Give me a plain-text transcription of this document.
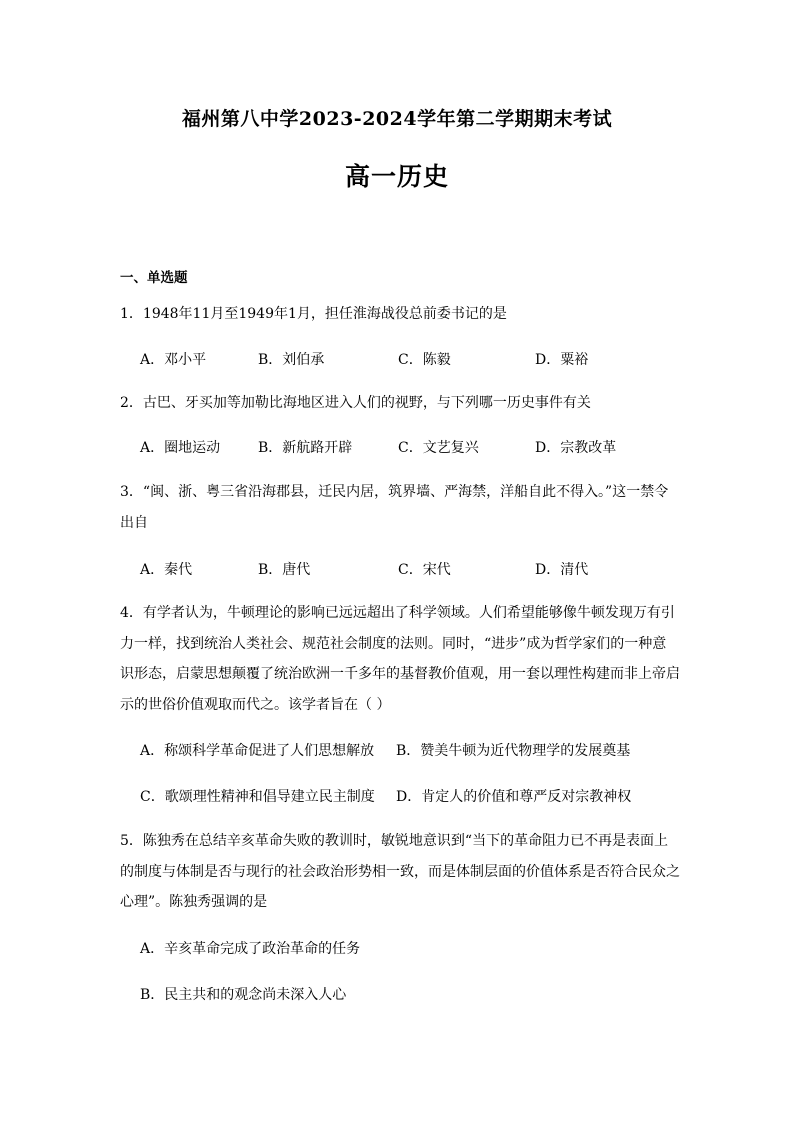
福州第八中学2023-2024学年第二学期期末考试
高一历史
一、单选题
1．1948年11月至1949年1月，担任淮海战役总前委书记的是
A．邓小平	B．刘伯承	C．陈毅	D．粟裕
2．古巴、牙买加等加勒比海地区进入人们的视野，与下列哪一历史事件有关
A．圈地运动	B．新航路开辟	C．文艺复兴	D．宗教改革
3．“闽、浙、粤三省沿海郡县，迁民内居，筑界墙、严海禁，洋船自此不得入。”这一禁令出自
A．秦代	B．唐代	C．宋代	D．清代
4．有学者认为，牛顿理论的影响已远远超出了科学领域。人们希望能够像牛顿发现万有引力一样，找到统治人类社会、规范社会制度的法则。同时，“进步”成为哲学家们的一种意识形态，启蒙思想颠覆了统治欧洲一千多年的基督教价值观，用一套以理性构建而非上帝启示的世俗价值观取而代之。该学者旨在（ ）
A．称颂科学革命促进了人们思想解放 B．赞美牛顿为近代物理学的发展奠基
C．歌颂理性精神和倡导建立民主制度 D．肯定人的价值和尊严反对宗教神权
5．陈独秀在总结辛亥革命失败的教训时，敏锐地意识到“当下的革命阻力已不再是表面上的制度与体制是否与现行的社会政治形势相一致，而是体制层面的价值体系是否符合民众之心理”。陈独秀强调的是
A．辛亥革命完成了政治革命的任务
B．民主共和的观念尚未深入人心
